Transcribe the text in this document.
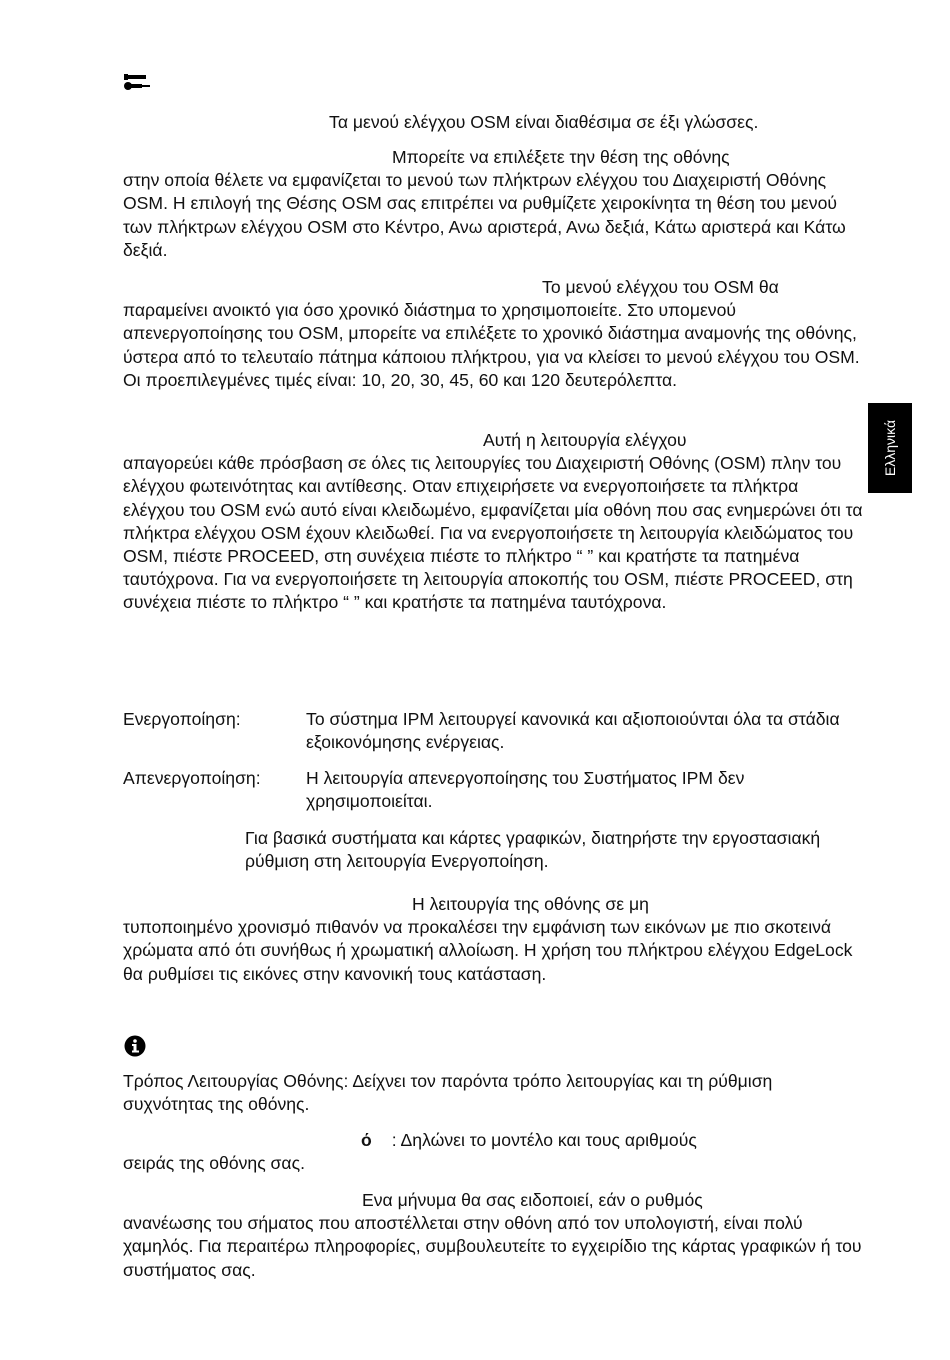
Τα μενού ελέγχου OSM είναι διαθέσιμα σε έξι γλώσσες.

Μπορείτε να επιλέξετε την θέση της οθόνης
στην οποία θέλετε να εμφανίζεται το μενού των πλήκτρων ελέγχου του Διαχειριστή Οθόνης OSM. Η επιλογή της Θέσης OSM σας επιτρέπει να ρυθμίζετε χειροκίνητα τη θέση του μενού των πλήκτρων ελέγχου OSM στο Κέντρο, Ανω αριστερά, Ανω δεξιά, Κάτω αριστερά και Κάτω δεξιά.

Το μενού ελέγχου του OSM θα
παραμείνει ανοικτό για όσο χρονικό διάστημα το χρησιμοποιείτε. Στο υπομενού απενεργοποίησης του OSM, μπορείτε να επιλέξετε το χρονικό διάστημα αναμονής της οθόνης, ύστερα από το τελευταίο πάτημα κάποιου πλήκτρου, για να κλείσει το μενού ελέγχου του OSM. Οι προεπιλεγμένες τιμές είναι: 10, 20, 30, 45, 60 και 120 δευτερόλεπτα.

Ελληνικά

Αυτή η λειτουργία ελέγχου
απαγορεύει κάθε πρόσβαση σε όλες τις λειτουργίες του Διαχειριστή Οθόνης (OSM) πλην του ελέγχου φωτεινότητας και αντίθεσης. Οταν επιχειρήσετε να ενεργοποιήσετε τα πλήκτρα ελέγχου του OSM ενώ αυτό είναι κλειδωμένο, εμφανίζεται μία οθόνη που σας ενημερώνει ότι τα πλήκτρα ελέγχου OSM έχουν κλειδωθεί. Για να ενεργοποιήσετε τη λειτουργία κλειδώματος του OSM, πιέστε PROCEED, στη συνέχεια πιέστε το πλήκτρο “ ” και κρατήστε τα πατημένα ταυτόχρονα. Για να ενεργοποιήσετε τη λειτουργία αποκοπής του OSM, πιέστε PROCEED, στη συνέχεια πιέστε το πλήκτρο “ ” και κρατήστε τα πατημένα ταυτόχρονα.

Ενεργοποίηση:	Το σύστημα IPM λειτουργεί κανονικά και αξιοποιούνται όλα τα στάδια εξοικονόμησης ενέργειας.
Απενεργοποίηση:	Η λειτουργία απενεργοποίησης του Συστήματος IPM δεν χρησιμοποιείται.

Για βασικά συστήματα και κάρτες γραφικών, διατηρήστε την εργοστασιακή ρύθμιση στη λειτουργία Ενεργοποίηση.

Η λειτουργία της οθόνης σε μη
τυποποιημένο χρονισμό πιθανόν να προκαλέσει την εμφάνιση των εικόνων με πιο σκοτεινά χρώματα από ότι συνήθως ή χρωματική αλλοίωση. Η χρήση του πλήκτρου ελέγχου EdgeLock θα ρυθμίσει τις εικόνες στην κανονική τους κατάσταση.

Τρόπος Λειτουργίας Οθόνης: Δείχνει τον παρόντα τρόπο λειτουργίας και τη ρύθμιση συχνότητας της οθόνης.

ό : Δηλώνει το μοντέλο και τους αριθμούς
σειράς της οθόνης σας.

Ενα μήνυμα θα σας ειδοποιεί, εάν ο ρυθμός
ανανέωσης του σήματος που αποστέλλεται στην οθόνη από τον υπολογιστή, είναι πολύ χαμηλός. Για περαιτέρω πληροφορίες, συμβουλευτείτε το εγχειρίδιο της κάρτας γραφικών ή του συστήματος σας.
